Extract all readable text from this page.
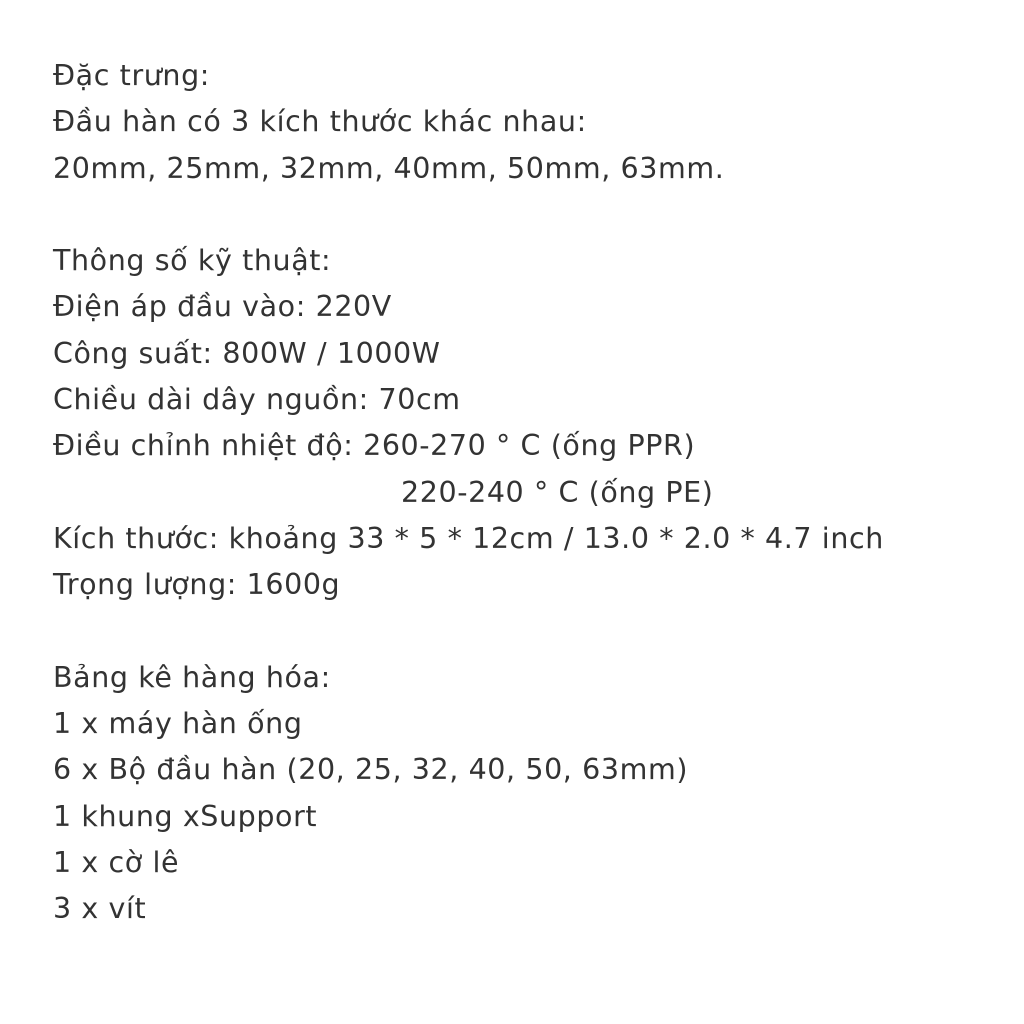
Đặc trưng:
Đầu hàn có 3 kích thước khác nhau:
20mm, 25mm, 32mm, 40mm, 50mm, 63mm.
Thông số kỹ thuật:
Điện áp đầu vào: 220V
Công suất: 800W / 1000W
Chiều dài dây nguồn: 70cm
Điều chỉnh nhiệt độ: 260-270 ° C (ống PPR)
220-240 ° C (ống PE)
Kích thước: khoảng 33 * 5 * 12cm / 13.0 * 2.0 * 4.7 inch
Trọng lượng: 1600g
Bảng kê hàng hóa:
1 x máy hàn ống
6 x Bộ đầu hàn (20, 25, 32, 40, 50, 63mm)
1 khung xSupport
1 x cờ lê
3 x vít
